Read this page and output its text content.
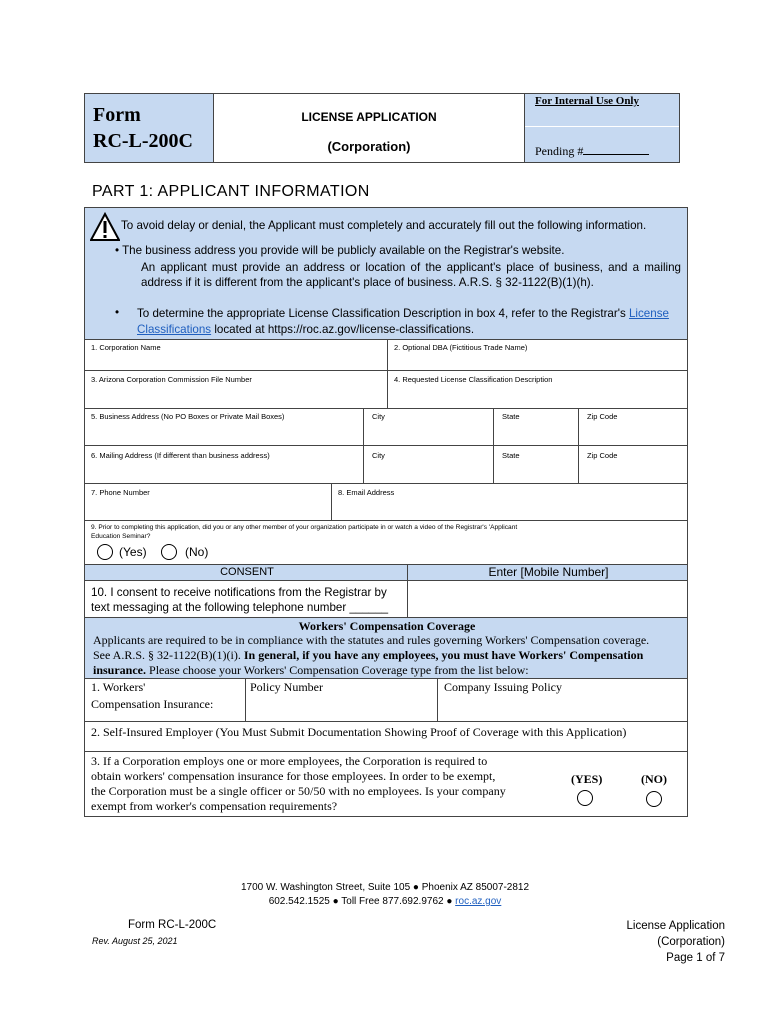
Form
RC-L-200C
LICENSE APPLICATION
(Corporation)
For Internal Use Only
Pending #
PART 1: APPLICANT INFORMATION
To avoid delay or denial, the Applicant must completely and accurately fill out the following information.
• The business address you provide will be publicly available on the Registrar's website.
An applicant must provide an address or location of the applicant's place of business, and a mailing address if it is different from the applicant's place of business. A.R.S. § 32-1122(B)(1)(h).
• To determine the appropriate License Classification Description in box 4, refer to the Registrar's License Classifications located at https://roc.az.gov/license-classifications.
1. Corporation Name	2. Optional DBA (Fictitious Trade Name)
3. Arizona Corporation Commission File Number	4. Requested License Classification Description
5. Business Address (No PO Boxes or Private Mail Boxes)	City	State	Zip Code
6. Mailing Address (If different than business address)	City	State	Zip Code
7. Phone Number	8. Email Address
9. Prior to completing this application, did you or any other member of your organization participate in or watch a video of the Registrar's 'Applicant
Education Seminar?
(Yes)	(No)
CONSENT	Enter [Mobile Number]
10. I consent to receive notifications from the Registrar by
text messaging at the following telephone number ______
Workers' Compensation Coverage
Applicants are required to be in compliance with the statutes and rules governing Workers' Compensation coverage.
See A.R.S. § 32-1122(B)(1)(i). In general, if you have any employees, you must have Workers' Compensation
insurance. Please choose your Workers' Compensation Coverage type from the list below:
1. Workers'
Compensation Insurance:
Policy Number	Company Issuing Policy
2. Self-Insured Employer (You Must Submit Documentation Showing Proof of Coverage with this Application)
3. If a Corporation employs one or more employees, the Corporation is required to
obtain workers' compensation insurance for those employees. In order to be exempt,
the Corporation must be a single officer or 50/50 with no employees. Is your company
exempt from worker's compensation requirements?
(YES)	(NO)
1700 W. Washington Street, Suite 105 ● Phoenix AZ 85007-2812
602.542.1525 ● Toll Free 877.692.9762 ● roc.az.gov
Form RC-L-200C
Rev. August 25, 2021
License Application
(Corporation)
Page 1 of 7
